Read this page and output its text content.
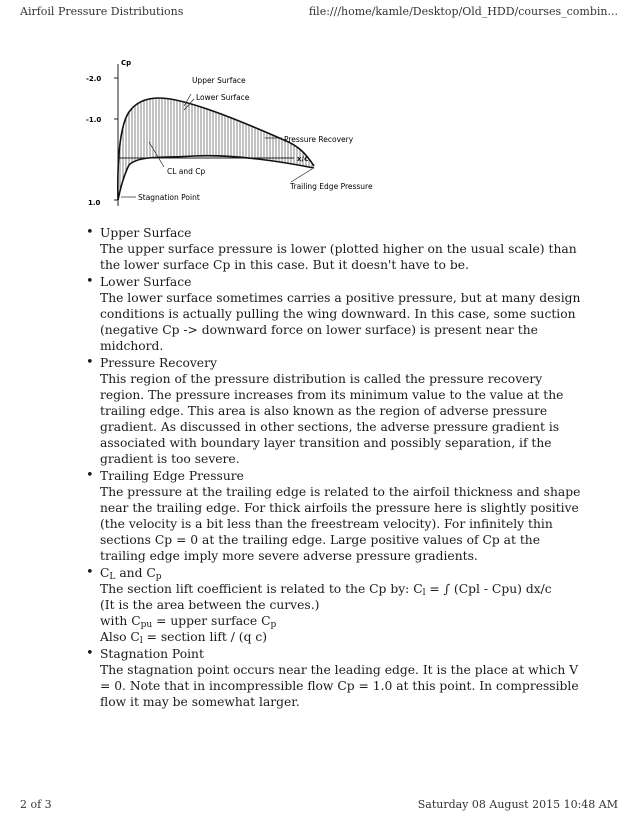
Airfoil Pressure Distributions	file:///home/kamle/Desktop/Old_HDD/courses_combin...
-2.0
-1.0
1.0
Cp
x/c
Upper Surface
Lower Surface
Pressure Recovery
CL and Cp
Trailing Edge Pressure
Stagnation Point
• Upper Surface
The upper surface pressure is lower (plotted higher on the usual scale) than the lower surface Cp in this case. But it doesn't have to be.
• Lower Surface
The lower surface sometimes carries a positive pressure, but at many design conditions is actually pulling the wing downward. In this case, some suction (negative Cp -> downward force on lower surface) is present near the midchord.
• Pressure Recovery
This region of the pressure distribution is called the pressure recovery region. The pressure increases from its minimum value to the value at the trailing edge. This area is also known as the region of adverse pressure gradient. As discussed in other sections, the adverse pressure gradient is associated with boundary layer transition and possibly separation, if the gradient is too severe.
• Trailing Edge Pressure
The pressure at the trailing edge is related to the airfoil thickness and shape near the trailing edge. For thick airfoils the pressure here is slightly positive (the velocity is a bit less than the freestream velocity). For infinitely thin sections Cp = 0 at the trailing edge. Large positive values of Cp at the trailing edge imply more severe adverse pressure gradients.
• $C_L$ and $C_p$
The section lift coefficient is related to the Cp by: $C_l$ = ∫ (Cpl - Cpu) dx/c
(It is the area between the curves.)
with $C_{pu}$ = upper surface $C_p$
Also $C_l$ = section lift / (q c)
• Stagnation Point
The stagnation point occurs near the leading edge. It is the place at which V = 0. Note that in incompressible flow Cp = 1.0 at this point. In compressible flow it may be somewhat larger.
2 of 3	Saturday 08 August 2015 10:48 AM
